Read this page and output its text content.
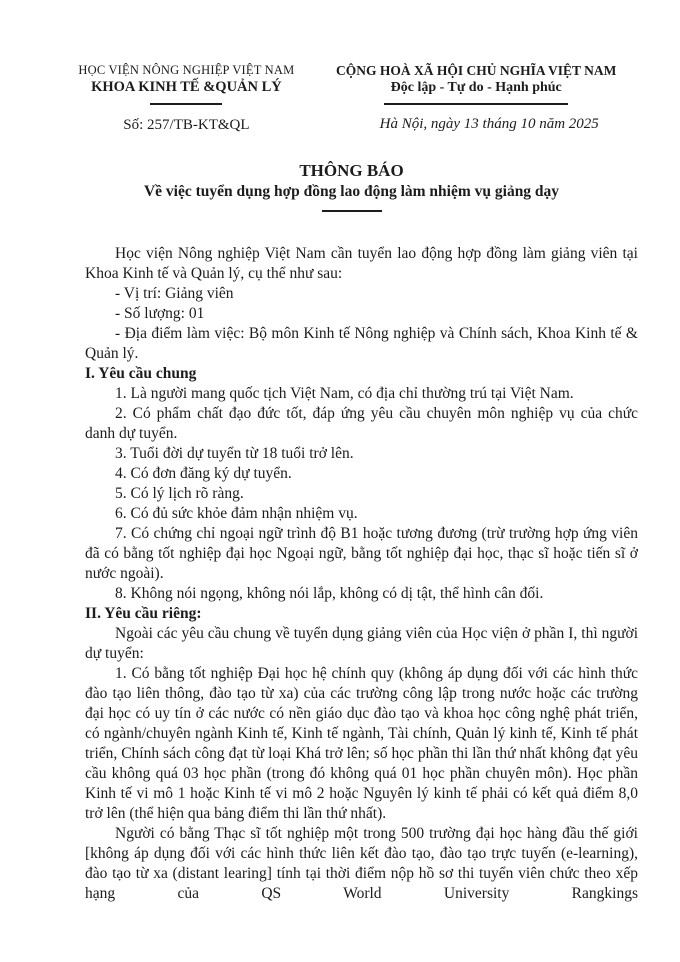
HỌC VIỆN NÔNG NGHIỆP VIỆT NAM
KHOA KINH TẾ &QUẢN LÝ
Số: 257/TB-KT&QL
CỘNG HOÀ XÃ HỘI CHỦ NGHĨA VIỆT NAM
Độc lập - Tự do - Hạnh phúc
Hà Nội, ngày 13 tháng 10 năm 2025
THÔNG BÁO
Về việc tuyển dụng hợp đồng lao động làm nhiệm vụ giảng dạy

Học viện Nông nghiệp Việt Nam cần tuyển lao động hợp đồng làm giảng viên tại Khoa Kinh tế và Quản lý, cụ thể như sau:

- Vị trí: Giảng viên

- Số lượng: 01

- Địa điểm làm việc: Bộ môn Kinh tế Nông nghiệp và Chính sách, Khoa Kinh tế & Quản lý.

I. Yêu cầu chung

1. Là người mang quốc tịch Việt Nam, có địa chỉ thường trú tại Việt Nam.

2. Có phẩm chất đạo đức tốt, đáp ứng yêu cầu chuyên môn nghiệp vụ của chức danh dự tuyển.

3. Tuổi đời dự tuyển từ 18 tuổi trở lên.

4. Có đơn đăng ký dự tuyển.

5. Có lý lịch rõ ràng.

6. Có đủ sức khỏe đảm nhận nhiệm vụ.

7. Có chứng chỉ ngoại ngữ trình độ B1 hoặc tương đương (trừ trường hợp ứng viên đã có bằng tốt nghiệp đại học Ngoại ngữ, bằng tốt nghiệp đại học, thạc sĩ hoặc tiến sĩ ở nước ngoài).

8. Không nói ngọng, không nói lắp, không có dị tật, thể hình cân đối.

II. Yêu cầu riêng:

Ngoài các yêu cầu chung về tuyển dụng giảng viên của Học viện ở phần I, thì người dự tuyển:

1. Có bằng tốt nghiệp Đại học hệ chính quy (không áp dụng đối với các hình thức đào tạo liên thông, đào tạo từ xa) của các trường công lập trong nước hoặc các trường đại học có uy tín ở các nước có nền giáo dục đào tạo và khoa học công nghệ phát triển, có ngành/chuyên ngành Kinh tế, Kinh tế ngành, Tài chính, Quản lý kinh tế, Kinh tế phát triển, Chính sách công đạt từ loại Khá trở lên; số học phần thi lần thứ nhất không đạt yêu cầu không quá 03 học phần (trong đó không quá 01 học phần chuyên môn). Học phần Kinh tế vi mô 1 hoặc Kinh tế vi mô 2 hoặc Nguyên lý kinh tế phải có kết quả điểm 8,0 trở lên (thể hiện qua bảng điểm thi lần thứ nhất).

Người có bằng Thạc sĩ tốt nghiệp một trong 500 trường đại học hàng đầu thế giới [không áp dụng đối với các hình thức liên kết đào tạo, đào tạo trực tuyến (e-learning), đào tạo từ xa (distant learing] tính tại thời điểm nộp hồ sơ thi tuyển viên chức theo xếp hạng của QS World University Rangkings
